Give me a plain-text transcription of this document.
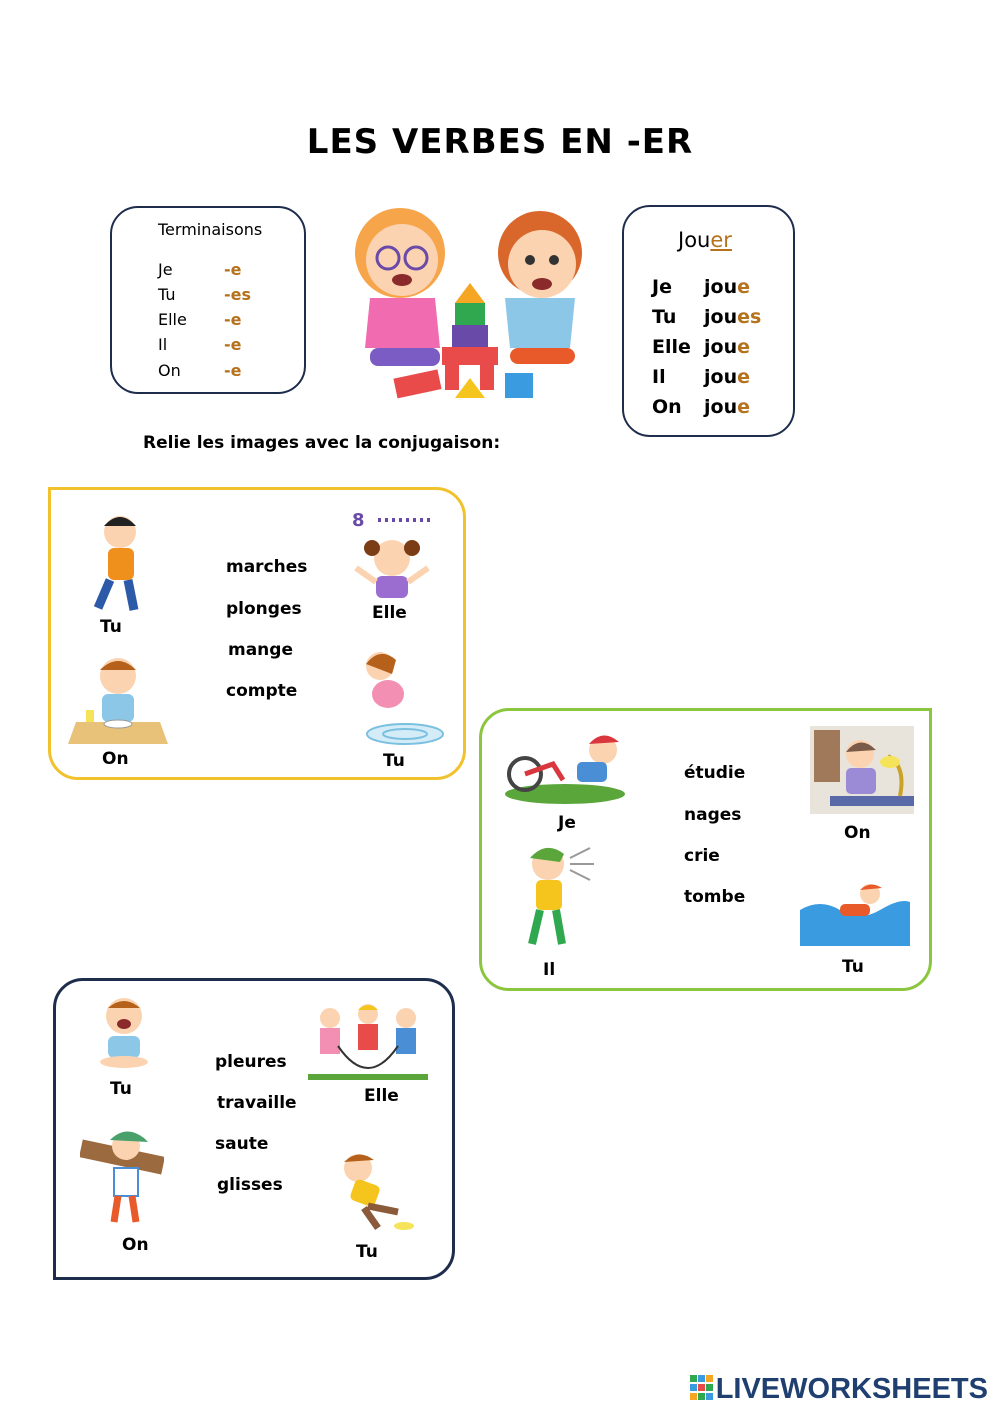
LES VERBES EN -ER
Terminaisons
Je	-e
Tu	-es
Elle -e
Il	-e
On	-e
Jouer
Je joue
Tu joues
Elle joue
Il joue
On joue
Relie les images avec la conjugaison:
Tu
8
Elle
On	Tu
marches
plonges
mange
compte
Je	On
Il	Tu
étudie
nages
crie
tombe
Tu	Elle
On	Tu
pleures
travaille
saute
glisses
LIVEWORKSHEETS
